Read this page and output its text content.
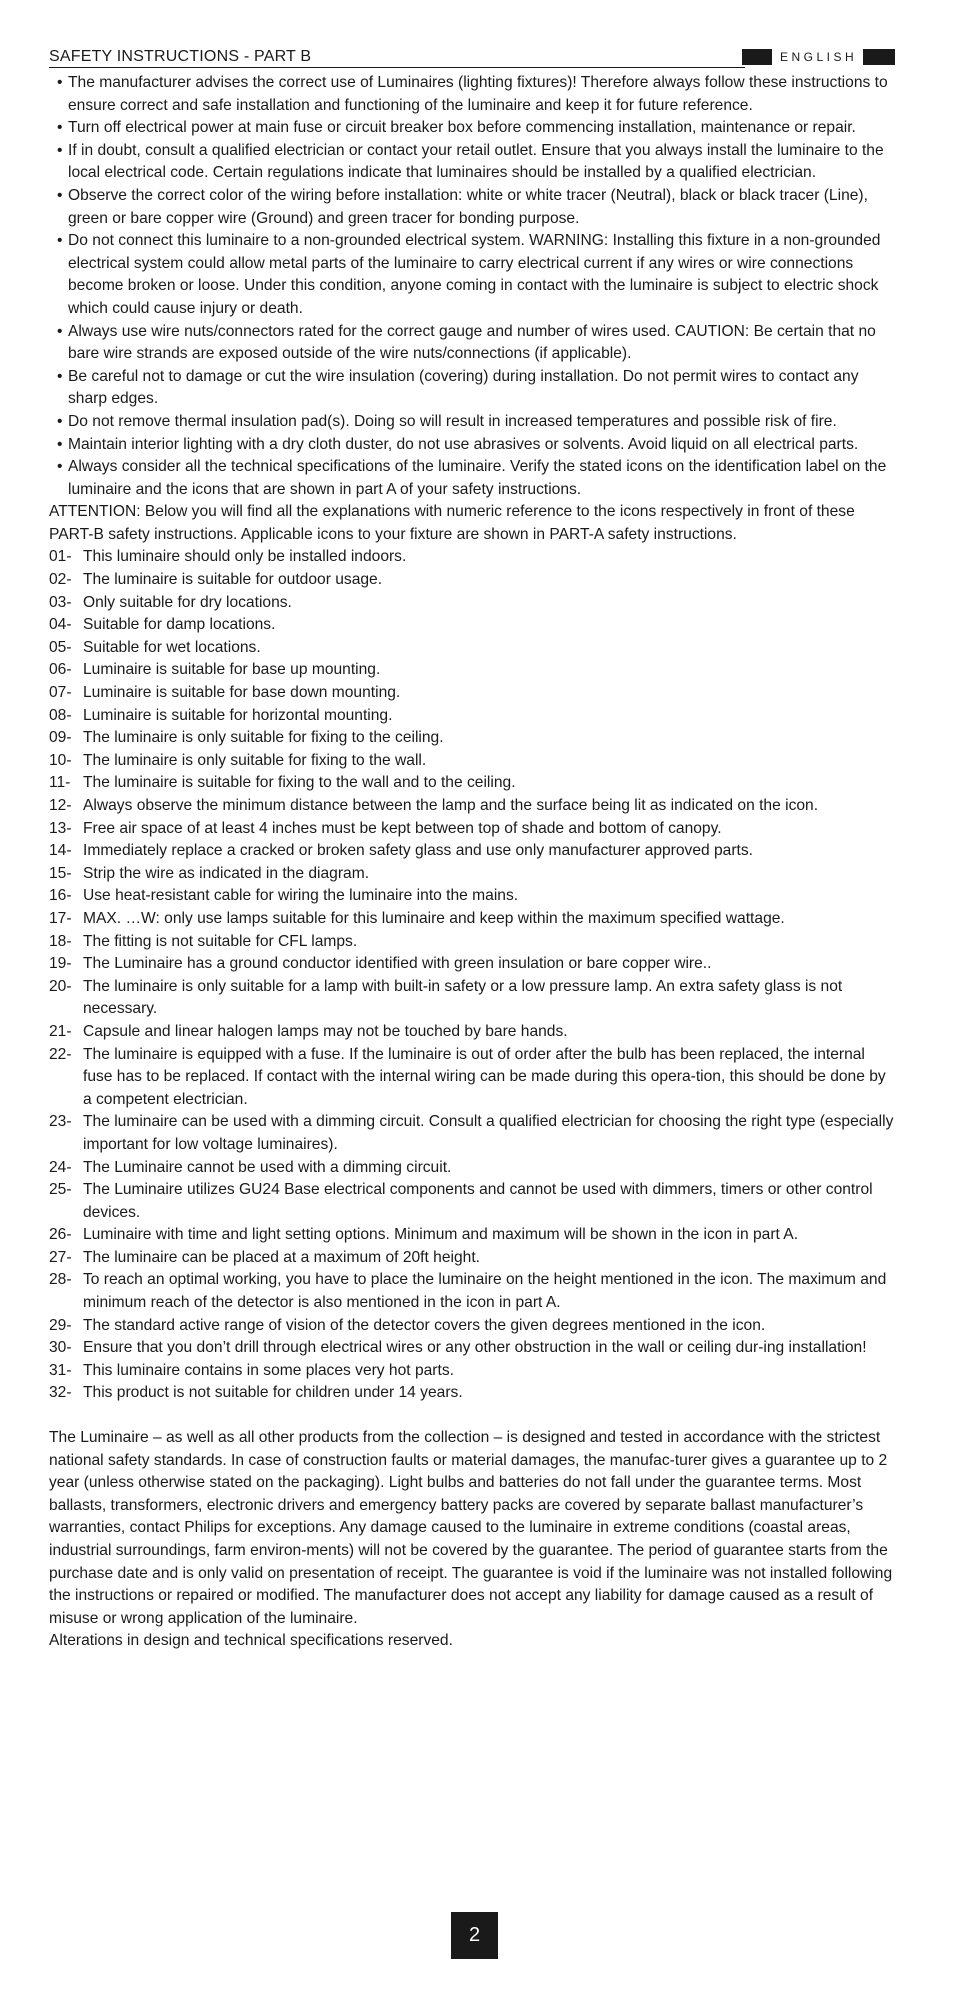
SAFETY INSTRUCTIONS - PART B	ENGLISH
• The manufacturer advises the correct use of Luminaires (lighting fixtures)! Therefore always follow these instructions to ensure correct and safe installation and functioning of the luminaire and keep it for future reference.
• Turn off electrical power at main fuse or circuit breaker box before commencing installation, maintenance or repair.
• If in doubt, consult a qualified electrician or contact your retail outlet. Ensure that you always install the luminaire to the local electrical code. Certain regulations indicate that luminaires should be installed by a qualified electrician.
• Observe the correct color of the wiring before installation: white or white tracer (Neutral), black or black tracer (Line), green or bare copper wire (Ground) and green tracer for bonding purpose.
• Do not connect this luminaire to a non-grounded electrical system. WARNING: Installing this fixture in a non-grounded electrical system could allow metal parts of the luminaire to carry electrical current if any wires or wire connections become broken or loose. Under this condition, anyone coming in contact with the luminaire is subject to electric shock which could cause injury or death.
• Always use wire nuts/connectors rated for the correct gauge and number of wires used. CAUTION: Be certain that no bare wire strands are exposed outside of the wire nuts/connections (if applicable).
• Be careful not to damage or cut the wire insulation (covering) during installation. Do not permit wires to contact any sharp edges.
• Do not remove thermal insulation pad(s). Doing so will result in increased temperatures and possible risk of fire.
• Maintain interior lighting with a dry cloth duster, do not use abrasives or solvents. Avoid liquid on all electrical parts.
• Always consider all the technical specifications of the luminaire. Verify the stated icons on the identification label on the luminaire and the icons that are shown in part A of your safety instructions.

ATTENTION: Below you will find all the explanations with numeric reference to the icons respectively in front of these PART-B safety instructions. Applicable icons to your fixture are shown in PART-A safety instructions.

01- This luminaire should only be installed indoors.
02- The luminaire is suitable for outdoor usage.
03- Only suitable for dry locations.
04- Suitable for damp locations.
05- Suitable for wet locations.
06- Luminaire is suitable for base up mounting.
07- Luminaire is suitable for base down mounting.
08- Luminaire is suitable for horizontal mounting.
09- The luminaire is only suitable for fixing to the ceiling.
10- The luminaire is only suitable for fixing to the wall.
11- The luminaire is suitable for fixing to the wall and to the ceiling.
12- Always observe the minimum distance between the lamp and the surface being lit as indicated on the icon.
13- Free air space of at least 4 inches must be kept between top of shade and bottom of canopy.
14- Immediately replace a cracked or broken safety glass and use only manufacturer approved parts.
15- Strip the wire as indicated in the diagram.
16- Use heat-resistant cable for wiring the luminaire into the mains.
17- MAX. …W: only use lamps suitable for this luminaire and keep within the maximum specified wattage.
18- The fitting is not suitable for CFL lamps.
19- The Luminaire has a ground conductor identified with green insulation or bare copper wire..
20- The luminaire is only suitable for a lamp with built-in safety or a low pressure lamp. An extra safety glass is not necessary.
21- Capsule and linear halogen lamps may not be touched by bare hands.
22- The luminaire is equipped with a fuse. If the luminaire is out of order after the bulb has been replaced, the internal fuse has to be replaced. If contact with the internal wiring can be made during this opera-tion, this should be done by a competent electrician.
23- The luminaire can be used with a dimming circuit. Consult a qualified electrician for choosing the right type (especially important for low voltage luminaires).
24- The Luminaire cannot be used with a dimming circuit.
25- The Luminaire utilizes GU24 Base electrical components and cannot be used with dimmers, timers or other control devices.
26- Luminaire with time and light setting options. Minimum and maximum will be shown in the icon in part A.
27- The luminaire can be placed at a maximum of 20ft height.
28- To reach an optimal working, you have to place the luminaire on the height mentioned in the icon. The maximum and minimum reach of the detector is also mentioned in the icon in part A.
29- The standard active range of vision of the detector covers the given degrees mentioned in the icon.
30- Ensure that you don’t drill through electrical wires or any other obstruction in the wall or ceiling dur-ing installation!
31- This luminaire contains in some places very hot parts.
32- This product is not suitable for children under 14 years.

The Luminaire – as well as all other products from the collection – is designed and tested in accordance with the strictest national safety standards. In case of construction faults or material damages, the manufac-turer gives a guarantee up to 2 year (unless otherwise stated on the packaging). Light bulbs and batteries do not fall under the guarantee terms. Most ballasts, transformers, electronic drivers and emergency battery packs are covered by separate ballast manufacturer’s warranties, contact Philips for exceptions. Any damage caused to the luminaire in extreme conditions (coastal areas, industrial surroundings, farm environ-ments) will not be covered by the guarantee. The period of guarantee starts from the purchase date and is only valid on presentation of receipt. The guarantee is void if the luminaire was not installed following the instructions or repaired or modified. The manufacturer does not accept any liability for damage caused as a result of misuse or wrong application of the luminaire.

Alterations in design and technical specifications reserved.

2
